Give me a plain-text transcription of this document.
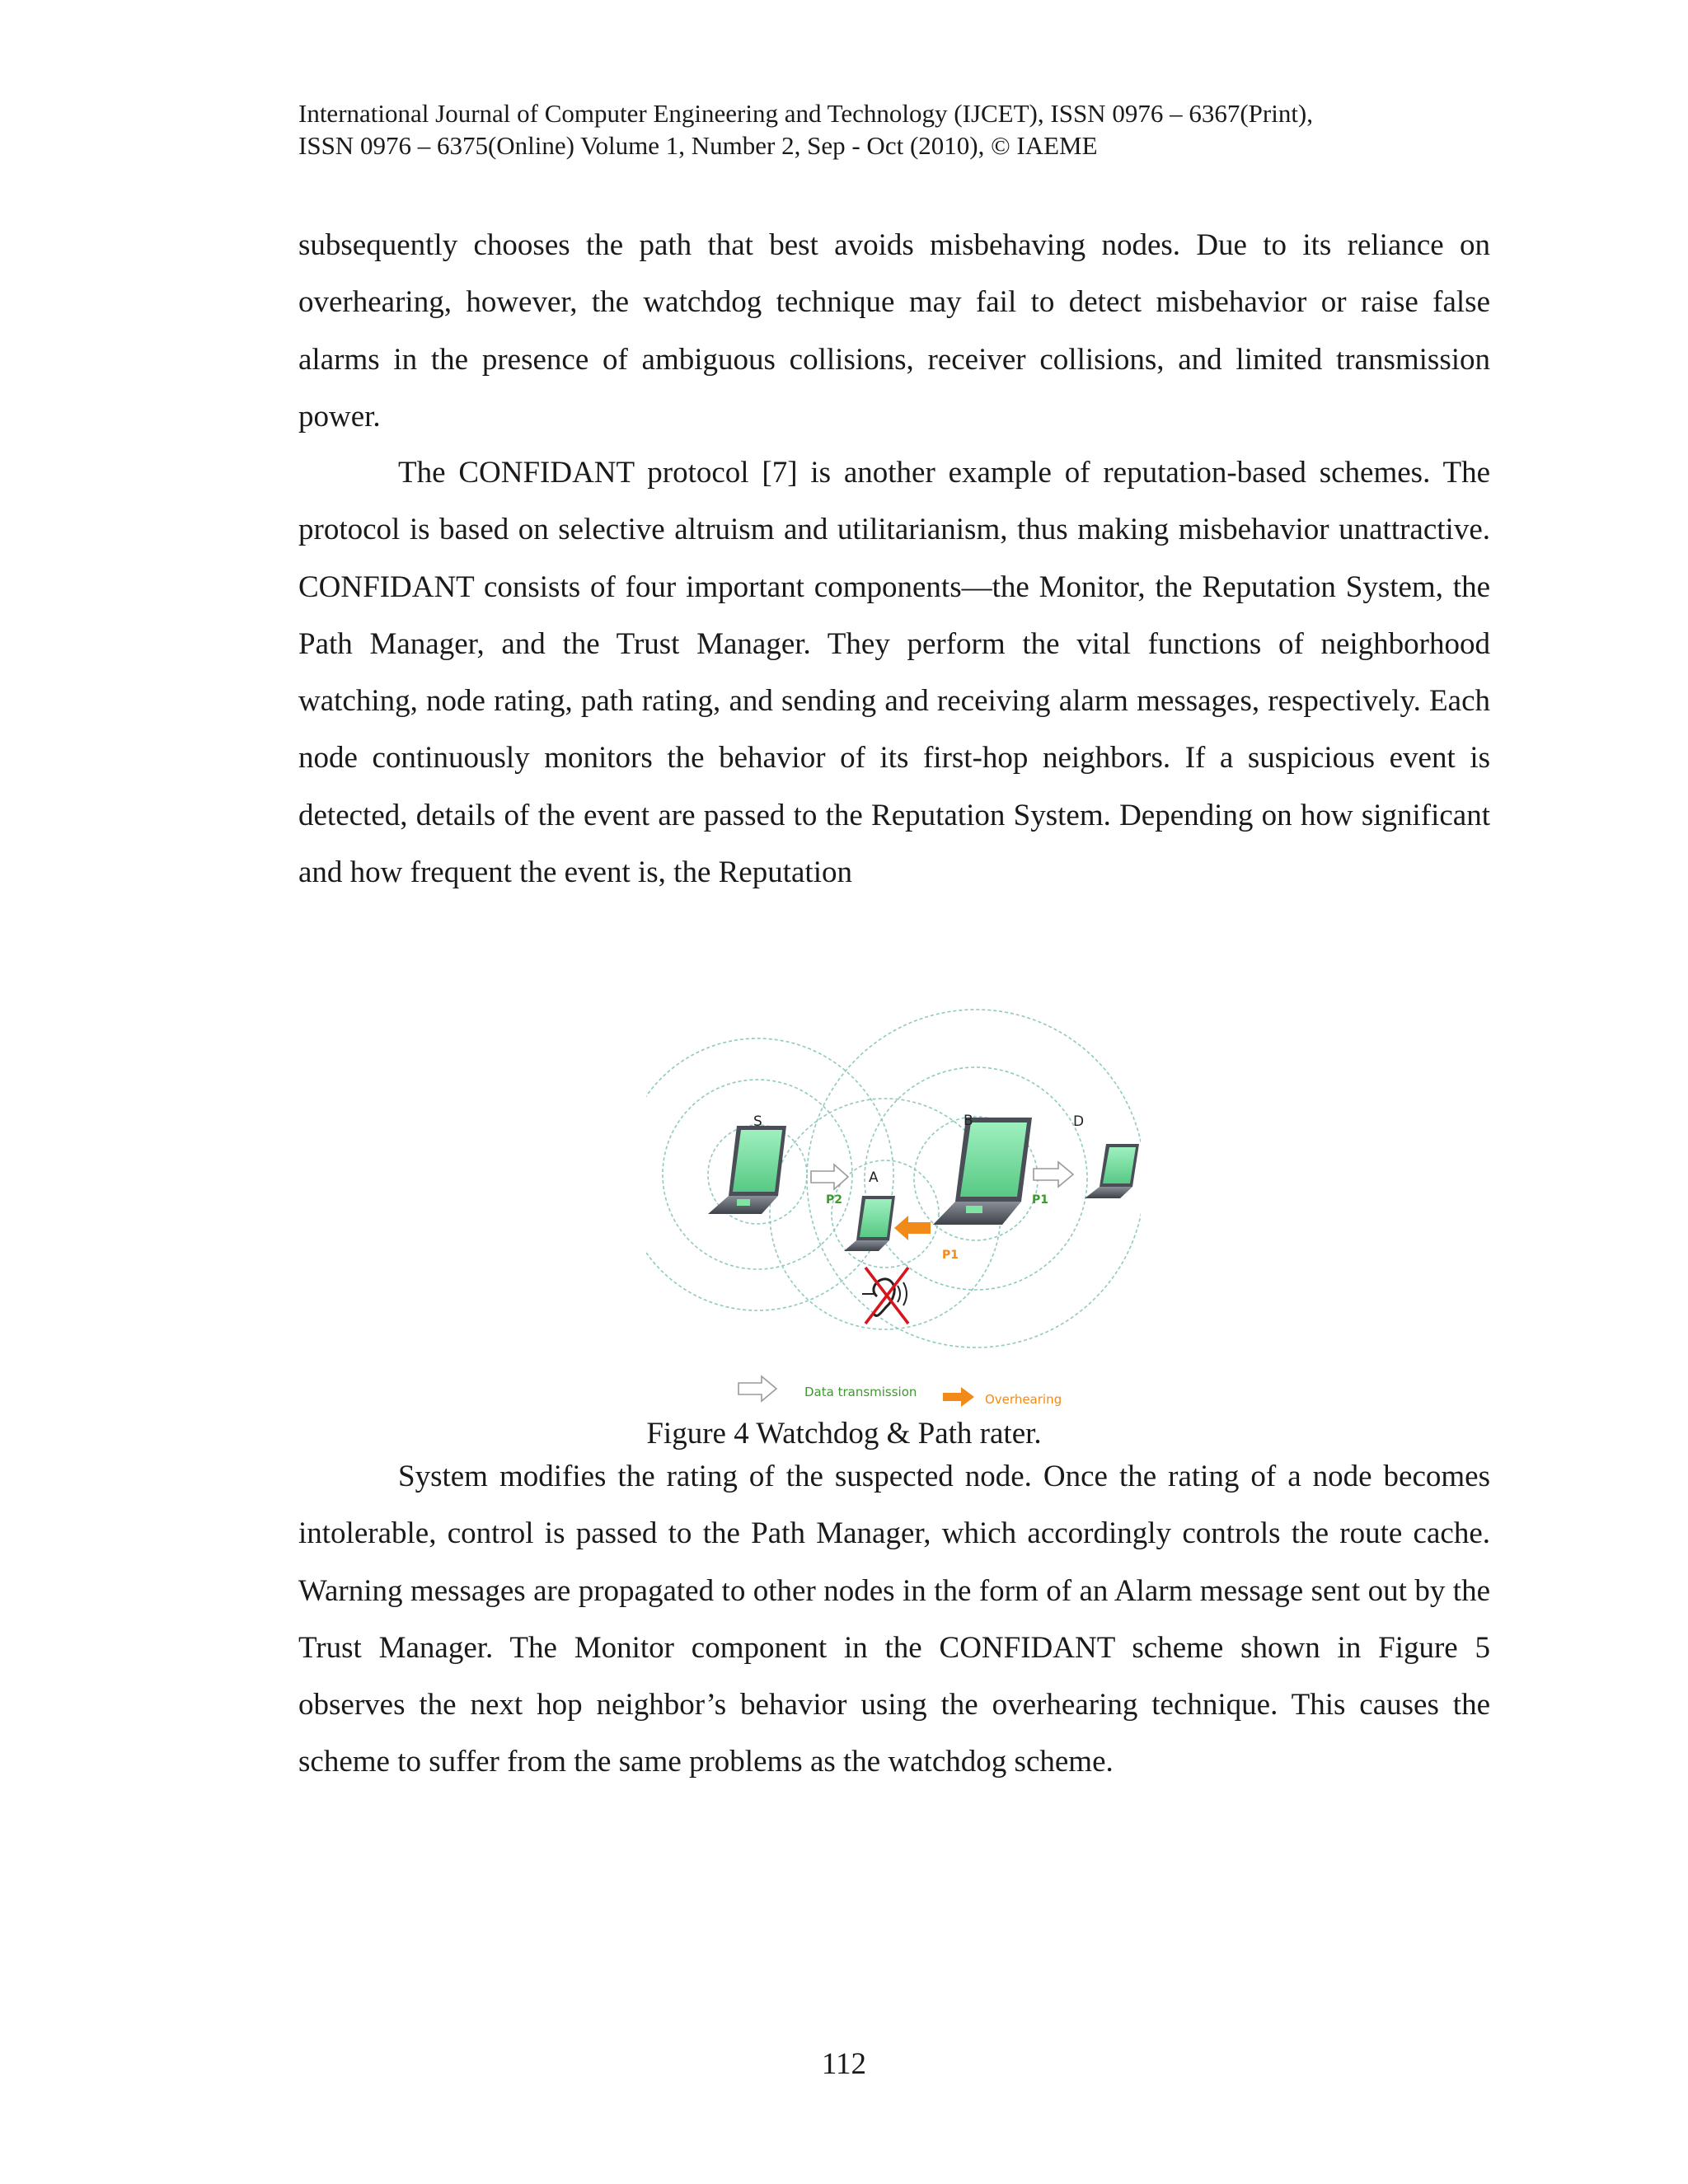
International Journal of Computer Engineering and Technology (IJCET), ISSN 0976 – 6367(Print),
ISSN 0976 – 6375(Online) Volume 1, Number 2, Sep - Oct (2010), © IAEME

subsequently chooses the path that best avoids misbehaving nodes. Due to its reliance on overhearing, however, the watchdog technique may fail to detect misbehavior or raise false alarms in the presence of ambiguous collisions, receiver collisions, and limited transmission power.

The CONFIDANT protocol [7] is another example of reputation-based schemes. The protocol is based on selective altruism and utilitarianism, thus making misbehavior unattractive. CONFIDANT consists of four important components—the Monitor, the Reputation System, the Path Manager, and the Trust Manager. They perform the vital functions of neighborhood watching, node rating, path rating, and sending and receiving alarm messages, respectively. Each node continuously monitors the behavior of its first-hop neighbors. If a suspicious event is detected, details of the event are passed to the Reputation System. Depending on how significant and how frequent the event is, the Reputation

S
A
B	D
P2	P1
P1
Data transmission	Overhearing
Figure 4 Watchdog & Path rater.

System modifies the rating of the suspected node. Once the rating of a node becomes intolerable, control is passed to the Path Manager, which accordingly controls the route cache. Warning messages are propagated to other nodes in the form of an Alarm message sent out by the Trust Manager. The Monitor component in the CONFIDANT scheme shown in Figure 5 observes the next hop neighbor’s behavior using the overhearing technique. This causes the scheme to suffer from the same problems as the watchdog scheme.

112
